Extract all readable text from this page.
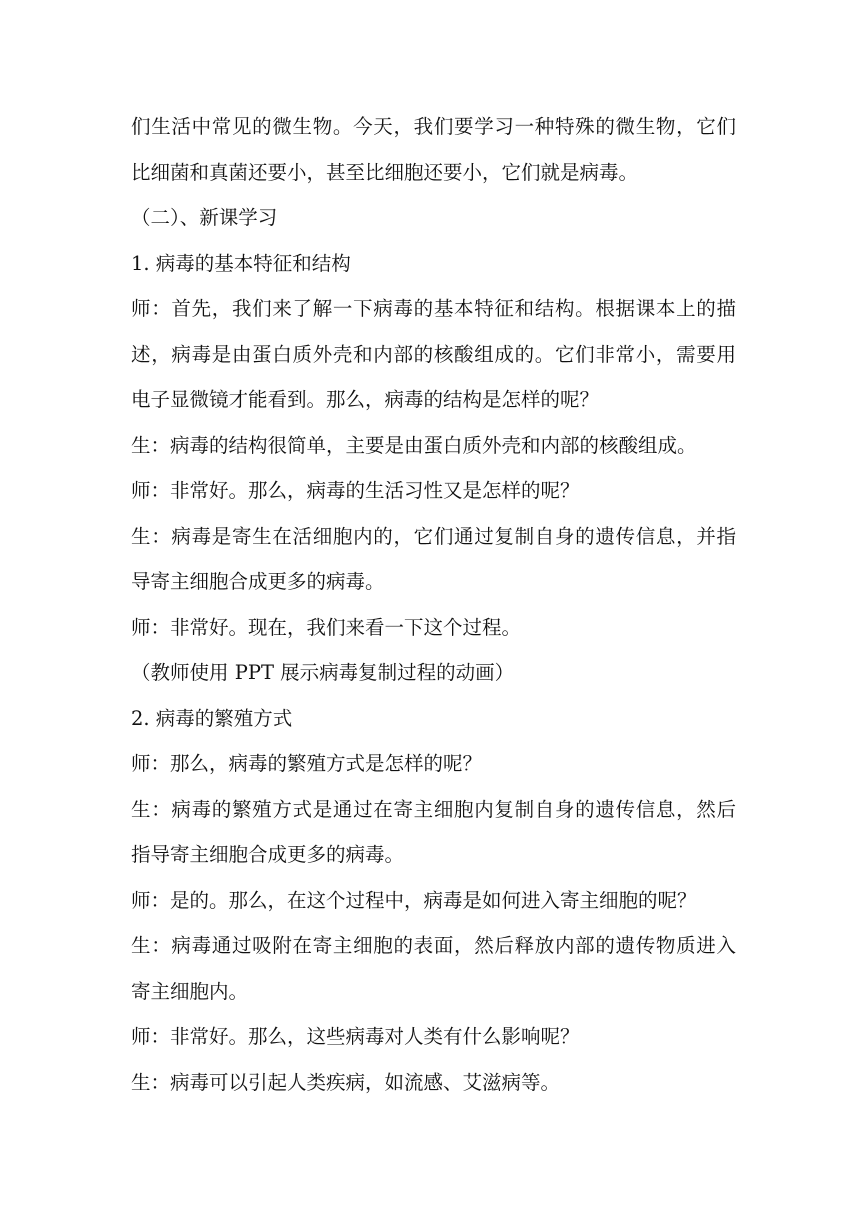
们生活中常见的微生物。今天，我们要学习一种特殊的微生物，它们
比细菌和真菌还要小，甚至比细胞还要小，它们就是病毒。

（二）、新课学习

1. 病毒的基本特征和结构

师：首先，我们来了解一下病毒的基本特征和结构。根据课本上的描
述，病毒是由蛋白质外壳和内部的核酸组成的。它们非常小，需要用
电子显微镜才能看到。那么，病毒的结构是怎样的呢？

生：病毒的结构很简单，主要是由蛋白质外壳和内部的核酸组成。

师：非常好。那么，病毒的生活习性又是怎样的呢？

生：病毒是寄生在活细胞内的，它们通过复制自身的遗传信息，并指
导寄主细胞合成更多的病毒。

师：非常好。现在，我们来看一下这个过程。

（教师使用 PPT 展示病毒复制过程的动画）

2. 病毒的繁殖方式

师：那么，病毒的繁殖方式是怎样的呢？

生：病毒的繁殖方式是通过在寄主细胞内复制自身的遗传信息，然后
指导寄主细胞合成更多的病毒。

师：是的。那么，在这个过程中，病毒是如何进入寄主细胞的呢？

生：病毒通过吸附在寄主细胞的表面，然后释放内部的遗传物质进入
寄主细胞内。

师：非常好。那么，这些病毒对人类有什么影响呢？

生：病毒可以引起人类疾病，如流感、艾滋病等。
